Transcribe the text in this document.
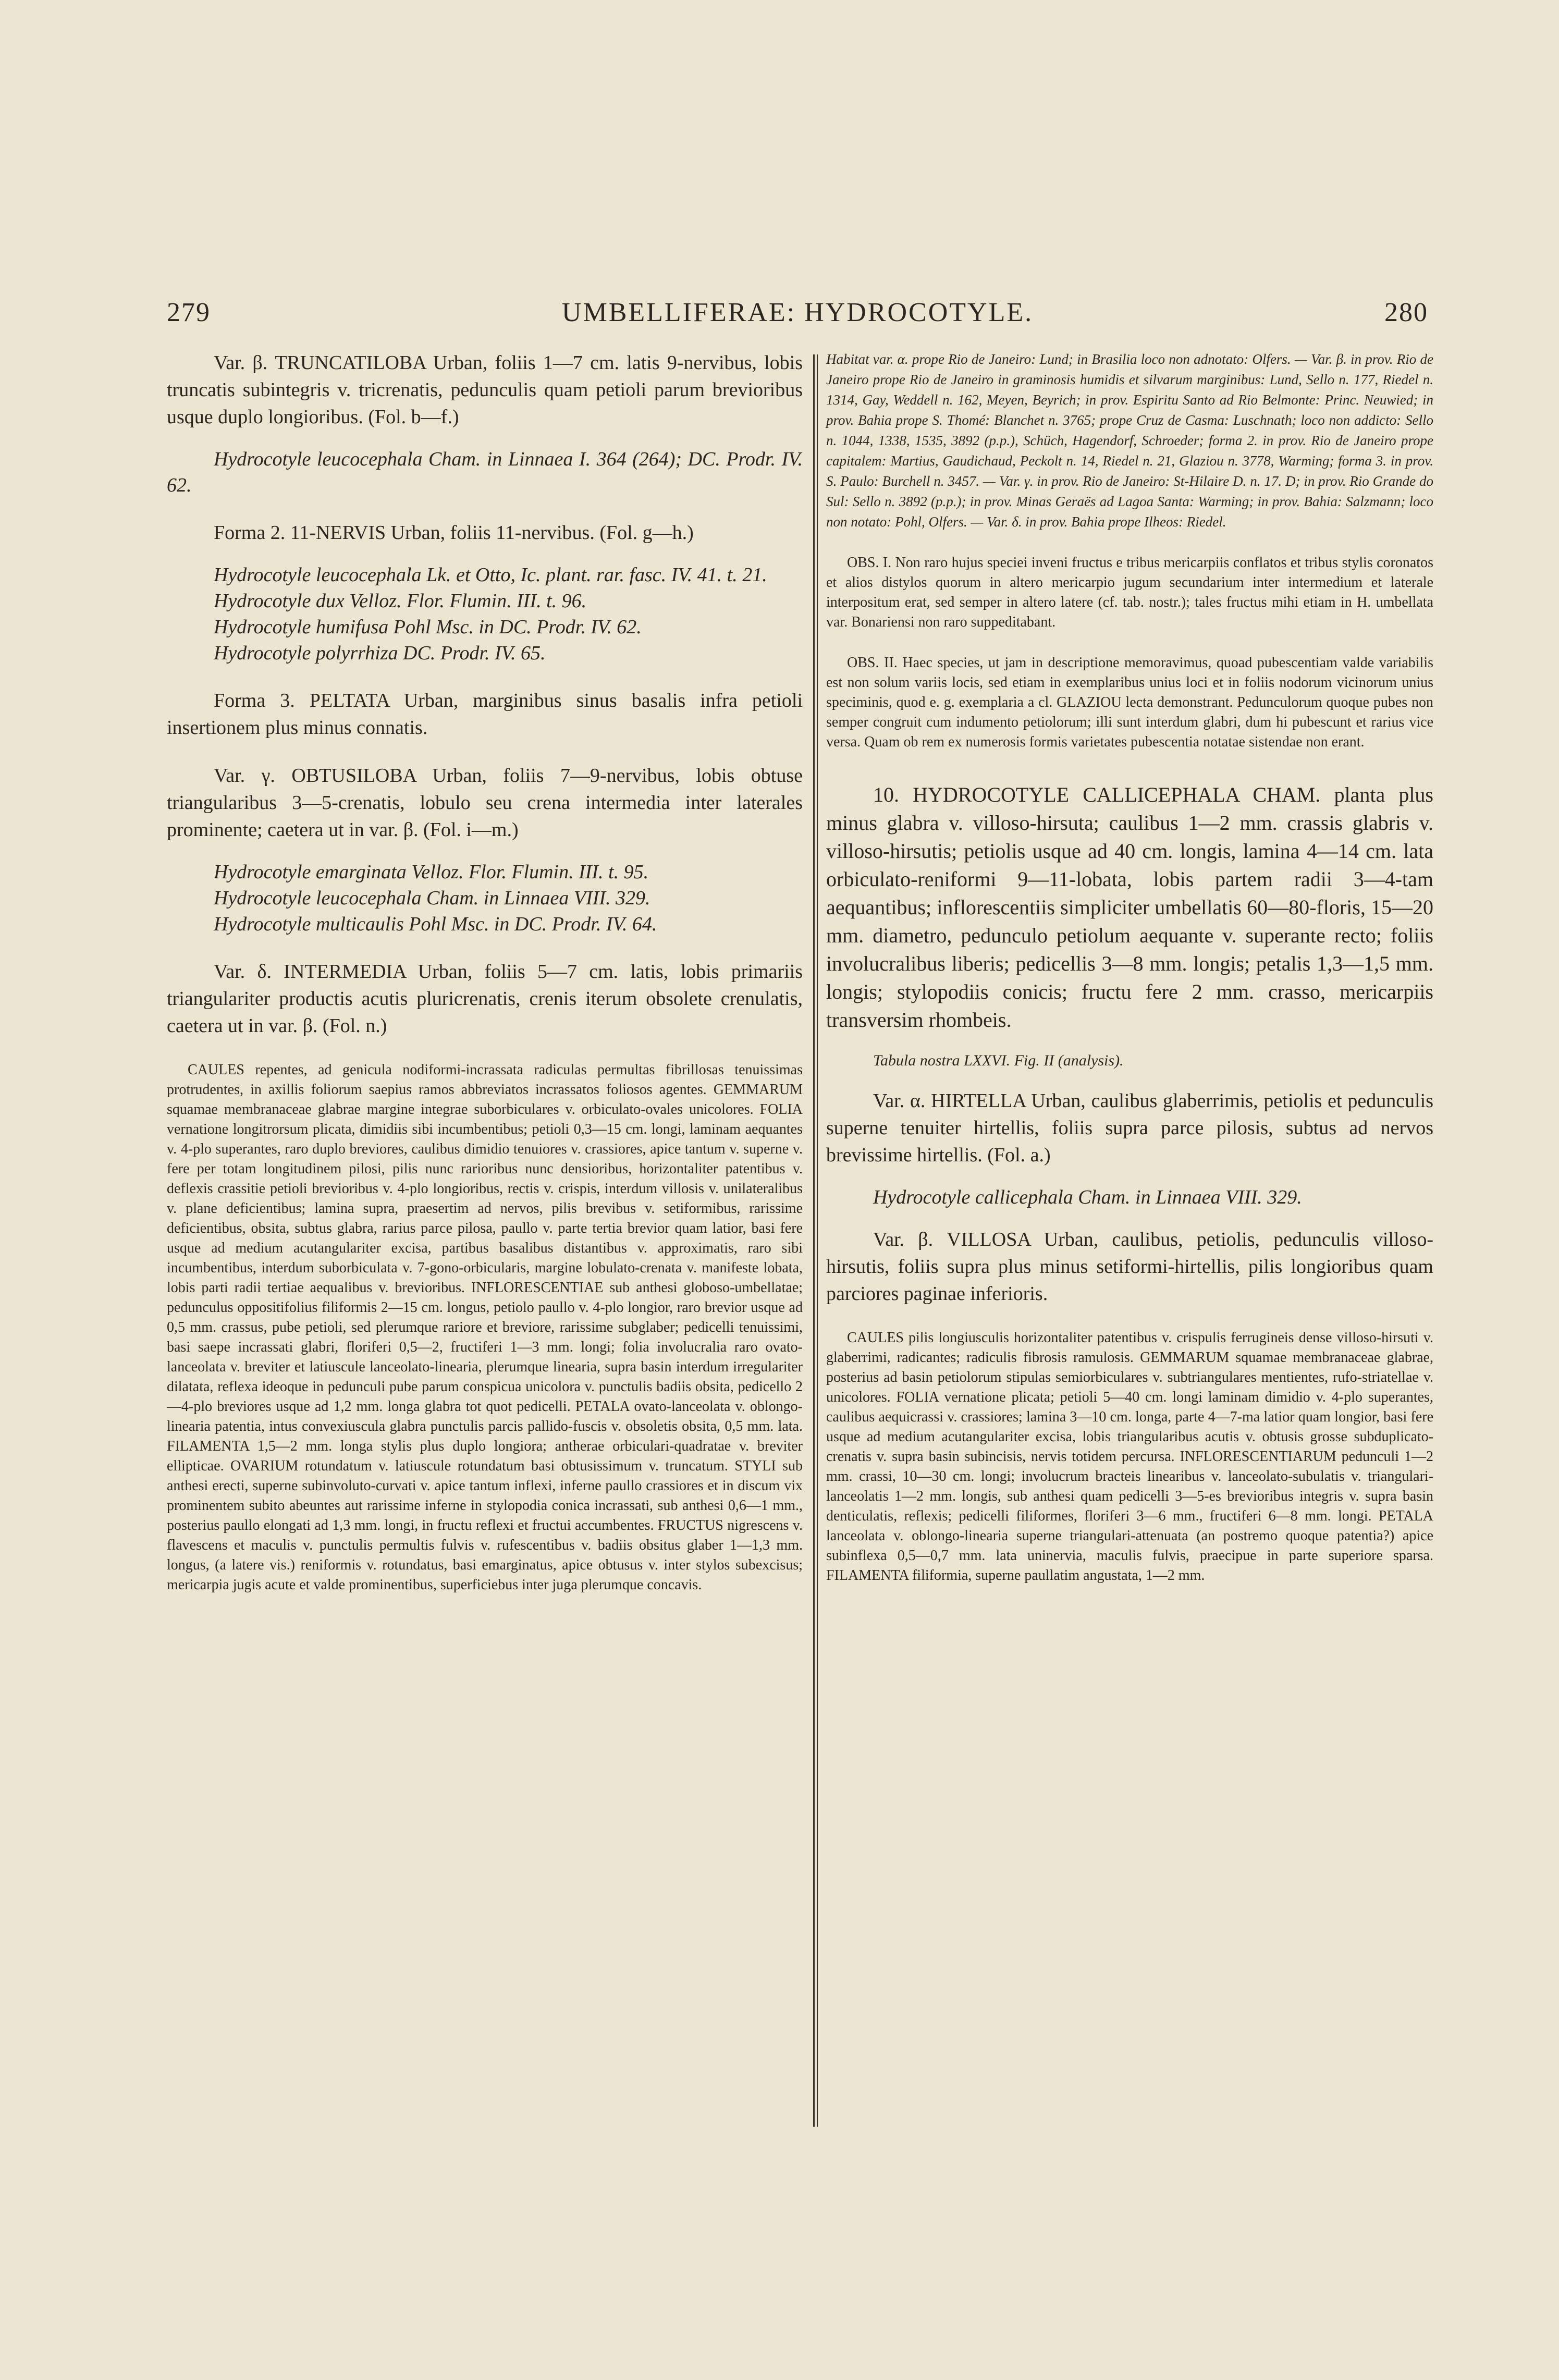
279	UMBELLIFERAE: HYDROCOTYLE.	280

Var. β. TRUNCATILOBA Urban, foliis 1—7 cm. latis 9-nervibus, lobis truncatis subintegris v. tricrenatis, pedunculis quam petioli parum brevioribus usque duplo longioribus. (Fol. b—f.)

Hydrocotyle leucocephala Cham. in Linnaea I. 364 (264); DC. Prodr. IV. 62.

Forma 2. 11-NERVIS Urban, foliis 11-nervibus. (Fol. g—h.)

Hydrocotyle leucocephala Lk. et Otto, Ic. plant. rar. fasc. IV. 41. t. 21.

Hydrocotyle dux Velloz. Flor. Flumin. III. t. 96.

Hydrocotyle humifusa Pohl Msc. in DC. Prodr. IV. 62.

Hydrocotyle polyrrhiza DC. Prodr. IV. 65.

Forma 3. PELTATA Urban, marginibus sinus basalis infra petioli insertionem plus minus connatis.

Var. γ. OBTUSILOBA Urban, foliis 7—9-nervibus, lobis obtuse triangularibus 3—5-crenatis, lobulo seu crena intermedia inter laterales prominente; caetera ut in var. β. (Fol. i—m.)

Hydrocotyle emarginata Velloz. Flor. Flumin. III. t. 95.

Hydrocotyle leucocephala Cham. in Linnaea VIII. 329.

Hydrocotyle multicaulis Pohl Msc. in DC. Prodr. IV. 64.

Var. δ. INTERMEDIA Urban, foliis 5—7 cm. latis, lobis primariis triangulariter productis acutis pluricrenatis, crenis iterum obsolete crenulatis, caetera ut in var. β. (Fol. n.)

CAULES repentes, ad genicula nodiformi-incrassata radiculas permultas fibrillosas tenuissimas protrudentes, in axillis foliorum saepius ramos abbreviatos incrassatos foliosos agentes. GEMMARUM squamae membranaceae glabrae margine integrae suborbiculares v. orbiculato-ovales unicolores. FOLIA vernatione longitrorsum plicata, dimidiis sibi incumbentibus; petioli 0,3—15 cm. longi, laminam aequantes v. 4-plo superantes, raro duplo breviores, caulibus dimidio tenuiores v. crassiores, apice tantum v. superne v. fere per totam longitudinem pilosi, pilis nunc rarioribus nunc densioribus, horizontaliter patentibus v. deflexis crassitie petioli brevioribus v. 4-plo longioribus, rectis v. crispis, interdum villosis v. unilateralibus v. plane deficientibus; lamina supra, praesertim ad nervos, pilis brevibus v. setiformibus, rarissime deficientibus, obsita, subtus glabra, rarius parce pilosa, paullo v. parte tertia brevior quam latior, basi fere usque ad medium acutangulariter excisa, partibus basalibus distantibus v. approximatis, raro sibi incumbentibus, interdum suborbiculata v. 7-gono-orbicularis, margine lobulato-crenata v. manifeste lobata, lobis parti radii tertiae aequalibus v. brevioribus. INFLORESCENTIAE sub anthesi globoso-umbellatae; pedunculus oppositifolius filiformis 2—15 cm. longus, petiolo paullo v. 4-plo longior, raro brevior usque ad 0,5 mm. crassus, pube petioli, sed plerumque rariore et breviore, rarissime subglaber; pedicelli tenuissimi, basi saepe incrassati glabri, floriferi 0,5—2, fructiferi 1—3 mm. longi; folia involucralia raro ovato-lanceolata v. breviter et latiuscule lanceolato-linearia, plerumque linearia, supra basin interdum irregulariter dilatata, reflexa ideoque in pedunculi pube parum conspicua unicolora v. punctulis badiis obsita, pedicello 2—4-plo breviores usque ad 1,2 mm. longa glabra tot quot pedicelli. PETALA ovato-lanceolata v. oblongo-linearia patentia, intus convexiuscula glabra punctulis parcis pallido-fuscis v. obsoletis obsita, 0,5 mm. lata. FILAMENTA 1,5—2 mm. longa stylis plus duplo longiora; antherae orbiculari-quadratae v. breviter ellipticae. OVARIUM rotundatum v. latiuscule rotundatum basi obtusissimum v. truncatum. STYLI sub anthesi erecti, superne subinvoluto-curvati v. apice tantum inflexi, inferne paullo crassiores et in discum vix prominentem subito abeuntes aut rarissime inferne in stylopodia conica incrassati, sub anthesi 0,6—1 mm., posterius paullo elongati ad 1,3 mm. longi, in fructu reflexi et fructui accumbentes. FRUCTUS nigrescens v. flavescens et maculis v. punctulis permultis fulvis v. rufescentibus v. badiis obsitus glaber 1—1,3 mm. longus, (a latere vis.) reniformis v. rotundatus, basi emarginatus, apice obtusus v. inter stylos subexcisus; mericarpia jugis acute et valde prominentibus, superficiebus inter juga plerumque concavis.

Habitat var. α. prope Rio de Janeiro: Lund; in Brasilia loco non adnotato: Olfers. — Var. β. in prov. Rio de Janeiro prope Rio de Janeiro in graminosis humidis et silvarum marginibus: Lund, Sello n. 177, Riedel n. 1314, Gay, Weddell n. 162, Meyen, Beyrich; in prov. Espiritu Santo ad Rio Belmonte: Princ. Neuwied; in prov. Bahia prope S. Thomé: Blanchet n. 3765; prope Cruz de Casma: Luschnath; loco non addicto: Sello n. 1044, 1338, 1535, 3892 (p.p.), Schüch, Hagendorf, Schroeder; forma 2. in prov. Rio de Janeiro prope capitalem: Martius, Gaudichaud, Peckolt n. 14, Riedel n. 21, Glaziou n. 3778, Warming; forma 3. in prov. S. Paulo: Burchell n. 3457. — Var. γ. in prov. Rio de Janeiro: St-Hilaire D. n. 17. D; in prov. Rio Grande do Sul: Sello n. 3892 (p.p.); in prov. Minas Geraës ad Lagoa Santa: Warming; in prov. Bahia: Salzmann; loco non notato: Pohl, Olfers. — Var. δ. in prov. Bahia prope Ilheos: Riedel.

OBS. I. Non raro hujus speciei inveni fructus e tribus mericarpiis conflatos et tribus stylis coronatos et alios distylos quorum in altero mericarpio jugum secundarium inter intermedium et laterale interpositum erat, sed semper in altero latere (cf. tab. nostr.); tales fructus mihi etiam in H. umbellata var. Bonariensi non raro suppeditabant.

OBS. II. Haec species, ut jam in descriptione memoravimus, quoad pubescentiam valde variabilis est non solum variis locis, sed etiam in exemplaribus unius loci et in foliis nodorum vicinorum unius speciminis, quod e. g. exemplaria a cl. GLAZIOU lecta demonstrant. Pedunculorum quoque pubes non semper congruit cum indumento petiolorum; illi sunt interdum glabri, dum hi pubescunt et rarius vice versa. Quam ob rem ex numerosis formis varietates pubescentia notatae sistendae non erant.

10. HYDROCOTYLE CALLICEPHALA CHAM. planta plus minus glabra v. villoso-hirsuta; caulibus 1—2 mm. crassis glabris v. villoso-hirsutis; petiolis usque ad 40 cm. longis, lamina 4—14 cm. lata orbiculato-reniformi 9—11-lobata, lobis partem radii 3—4-tam aequantibus; inflorescentiis simpliciter umbellatis 60—80-floris, 15—20 mm. diametro, pedunculo petiolum aequante v. superante recto; foliis involucralibus liberis; pedicellis 3—8 mm. longis; petalis 1,3—1,5 mm. longis; stylopodiis conicis; fructu fere 2 mm. crasso, mericarpiis transversim rhombeis.

Tabula nostra LXXVI. Fig. II (analysis).

Var. α. HIRTELLA Urban, caulibus glaberrimis, petiolis et pedunculis superne tenuiter hirtellis, foliis supra parce pilosis, subtus ad nervos brevissime hirtellis. (Fol. a.)

Hydrocotyle callicephala Cham. in Linnaea VIII. 329.

Var. β. VILLOSA Urban, caulibus, petiolis, pedunculis villoso-hirsutis, foliis supra plus minus setiformi-hirtellis, pilis longioribus quam parciores paginae inferioris.

CAULES pilis longiusculis horizontaliter patentibus v. crispulis ferrugineis dense villoso-hirsuti v. glaberrimi, radicantes; radiculis fibrosis ramulosis. GEMMARUM squamae membranaceae glabrae, posterius ad basin petiolorum stipulas semiorbiculares v. subtriangulares mentientes, rufo-striatellae v. unicolores. FOLIA vernatione plicata; petioli 5—40 cm. longi laminam dimidio v. 4-plo superantes, caulibus aequicrassi v. crassiores; lamina 3—10 cm. longa, parte 4—7-ma latior quam longior, basi fere usque ad medium acutangulariter excisa, lobis triangularibus acutis v. obtusis grosse subduplicato-crenatis v. supra basin subincisis, nervis totidem percursa. INFLORESCENTIARUM pedunculi 1—2 mm. crassi, 10—30 cm. longi; involucrum bracteis linearibus v. lanceolato-subulatis v. triangulari-lanceolatis 1—2 mm. longis, sub anthesi quam pedicelli 3—5-es brevioribus integris v. supra basin denticulatis, reflexis; pedicelli filiformes, floriferi 3—6 mm., fructiferi 6—8 mm. longi. PETALA lanceolata v. oblongo-linearia superne triangulari-attenuata (an postremo quoque patentia?) apice subinflexa 0,5—0,7 mm. lata uninervia, maculis fulvis, praecipue in parte superiore sparsa. FILAMENTA filiformia, superne paullatim angustata, 1—2 mm.
